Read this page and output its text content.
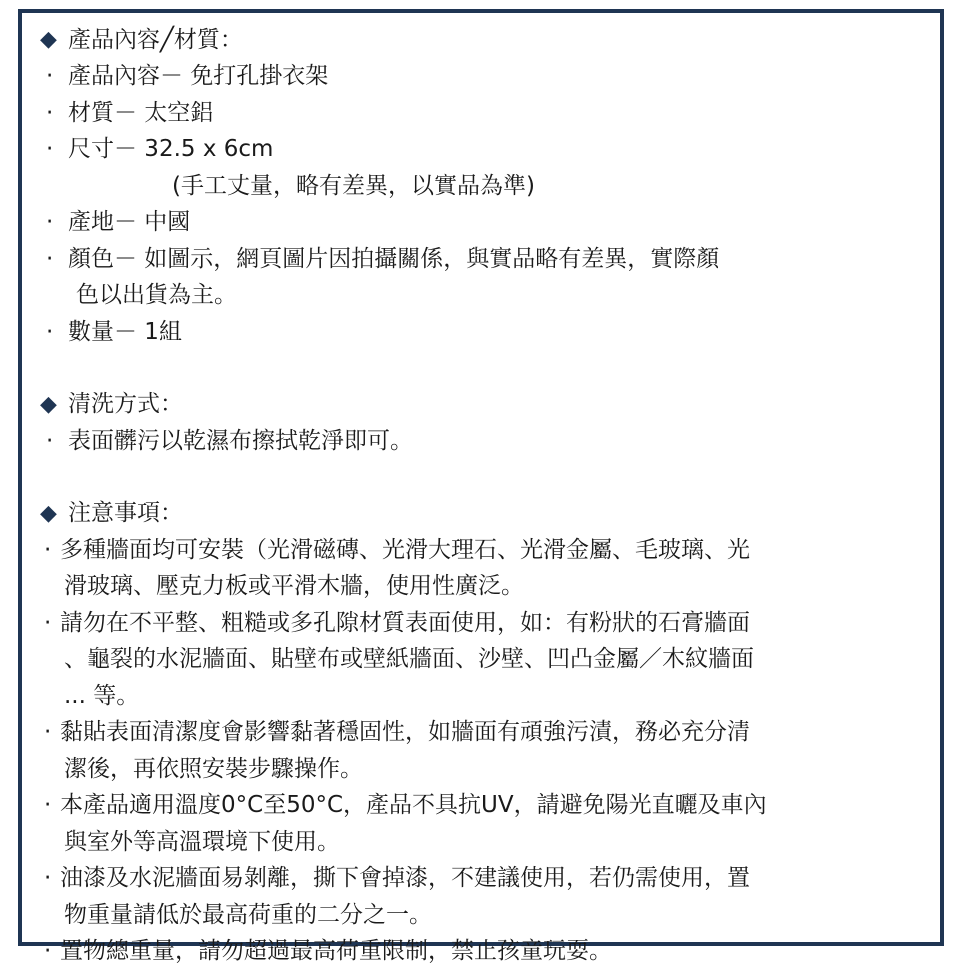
◆ 產品內容╱材質：
· 產品內容－ 免打孔掛衣架
· 材質－ 太空鋁
· 尺寸－ 32.5 x 6cm
(手工丈量，略有差異，以實品為準)
· 產地－ 中國
· 顏色－ 如圖示，網頁圖片因拍攝關係，與實品略有差異，實際顏
色以出貨為主。
· 數量－ 1組
◆ 清洗方式：
· 表面髒污以乾濕布擦拭乾淨即可。
◆ 注意事項：
· 多種牆面均可安裝（光滑磁磚、光滑大理石、光滑金屬、毛玻璃、光
滑玻璃、壓克力板或平滑木牆，使用性廣泛。
· 請勿在不平整、粗糙或多孔隙材質表面使用，如：有粉狀的石膏牆面
、龜裂的水泥牆面、貼壁布或壁紙牆面、沙壁、凹凸金屬／木紋牆面
... 等。
· 黏貼表面清潔度會影響黏著穩固性，如牆面有頑強污漬，務必充分清
潔後，再依照安裝步驟操作。
· 本產品適用溫度0°C至50°C，產品不具抗UV，請避免陽光直曬及車內
與室外等高溫環境下使用。
· 油漆及水泥牆面易剝離，撕下會掉漆，不建議使用，若仍需使用，置
物重量請低於最高荷重的二分之一。
· 置物總重量，請勿超過最高荷重限制，禁止孩童玩耍。
